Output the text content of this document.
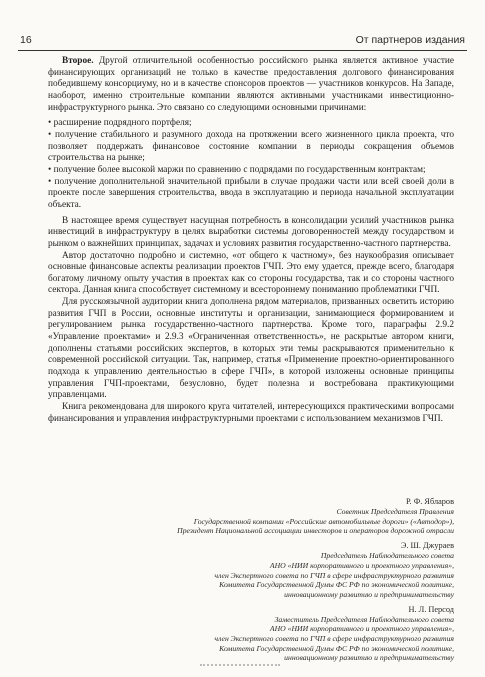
16	От партнеров издания

Второе. Другой отличительной особенностью российского рынка является активное участие финансирующих организаций не только в качестве предоставления долгового финансирования победившему консорциуму, но и в качестве спонсоров проектов — участников конкурсов. На Западе, наоборот, именно строительные компании являются активными участниками инвестиционно-инфраструктурного рынка. Это связано со следующими основными причинами:

• расширение подрядного портфеля;
• получение стабильного и разумного дохода на протяжении всего жизненного цикла проекта, что позволяет поддержать финансовое состояние компании в периоды сокращения объемов строительства на рынке;
• получение более высокой маржи по сравнению с подрядами по государственным контрактам;
• получение дополнительной значительной прибыли в случае продажи части или всей своей доли в проекте после завершения строительства, ввода в эксплуатацию и периода начальной эксплуатации объекта.

В настоящее время существует насущная потребность в консолидации усилий участников рынка инвестиций в инфраструктуру в целях выработки системы договоренностей между государством и рынком о важнейших принципах, задачах и условиях развития государственно-частного партнерства.

Автор достаточно подробно и системно, «от общего к частному», без наукообразия описывает основные финансовые аспекты реализации проектов ГЧП. Это ему удается, прежде всего, благодаря богатому личному опыту участия в проектах как со стороны государства, так и со стороны частного сектора. Данная книга способствует системному и всестороннему пониманию проблематики ГЧП.

Для русскоязычной аудитории книга дополнена рядом материалов, призванных осветить историю развития ГЧП в России, основные институты и организации, занимающиеся формированием и регулированием рынка государственно-частного партнерства. Кроме того, параграфы 2.9.2 «Управление проектами» и 2.9.3 «Ограниченная ответственность», не раскрытые автором книги, дополнены статьями российских экспертов, в которых эти темы раскрываются применительно к современной российской ситуации. Так, например, статья «Применение проектно-ориентированного подхода к управлению деятельностью в сфере ГЧП», в которой изложены основные принципы управления ГЧП-проектами, безусловно, будет полезна и востребована практикующими управленцами.

Книга рекомендована для широкого круга читателей, интересующихся практическими вопросами финансирования и управления инфраструктурными проектами с использованием механизмов ГЧП.

Р. Ф. Ябларов
Советник Председателя Правления
Государственной компании «Российские автомобильные дороги» («Автодор»),
Президент Национальной ассоциации инвесторов и операторов дорожной отрасли
Э. Ш. Джураев
Председатель Наблюдательного совета
АНО «НИИ корпоративного и проектного управления»,
член Экспертного совета по ГЧП в сфере инфраструктурного развития
Комитета Государственной Думы ФС РФ по экономической политике,
инновационному развитию и предпринимательству
Н. Л. Персод
Заместитель Председателя Наблюдательного совета
АНО «НИИ корпоративного и проектного управления»,
член Экспертного совета по ГЧП в сфере инфраструктурного развития
Комитета Государственной Думы ФС РФ по экономической политике,
инновационному развитию и предпринимательству
